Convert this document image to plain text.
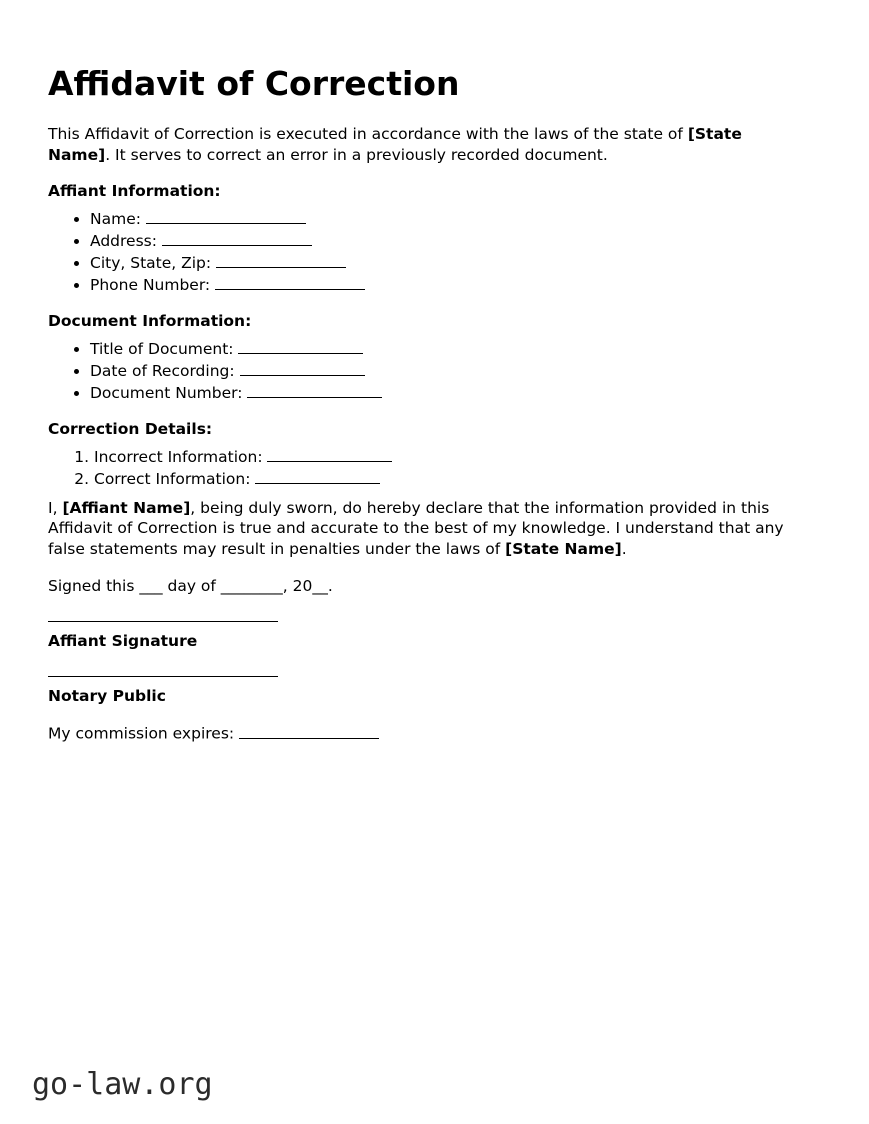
Affidavit of Correction

This Affidavit of Correction is executed in accordance with the laws of the state of [State Name]. It serves to correct an error in a previously recorded document.

Affiant Information:
• Name:
• Address:
• City, State, Zip:
• Phone Number:
Document Information:
• Title of Document:
• Date of Recording:
• Document Number:
Correction Details:
1. Incorrect Information:
2. Correct Information:

I, [Affiant Name], being duly sworn, do hereby declare that the information provided in this Affidavit of Correction is true and accurate to the best of my knowledge. I understand that any false statements may result in penalties under the laws of [State Name].

Signed this ___ day of ________, 20__.
Affiant Signature
Notary Public
My commission expires:
go-law.org
